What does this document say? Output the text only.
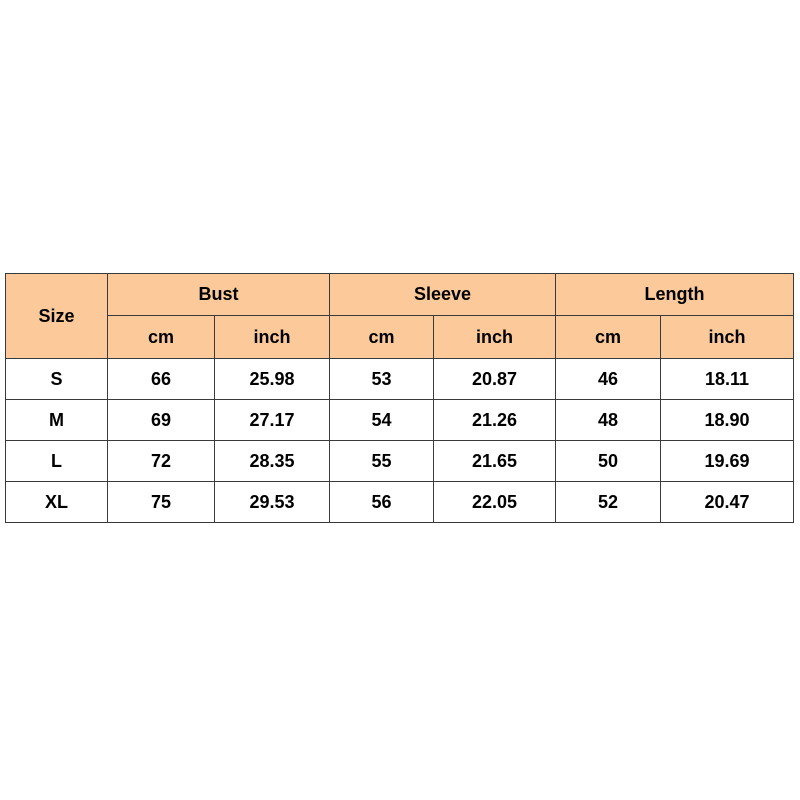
Size	Bust		Sleeve		Length	
	cm	inch	cm	inch	cm	inch
S	66	25.98	53	20.87	46	18.11
M	69	27.17	54	21.26	48	18.90
L	72	28.35	55	21.65	50	19.69
XL	75	29.53	56	22.05	52	20.47
